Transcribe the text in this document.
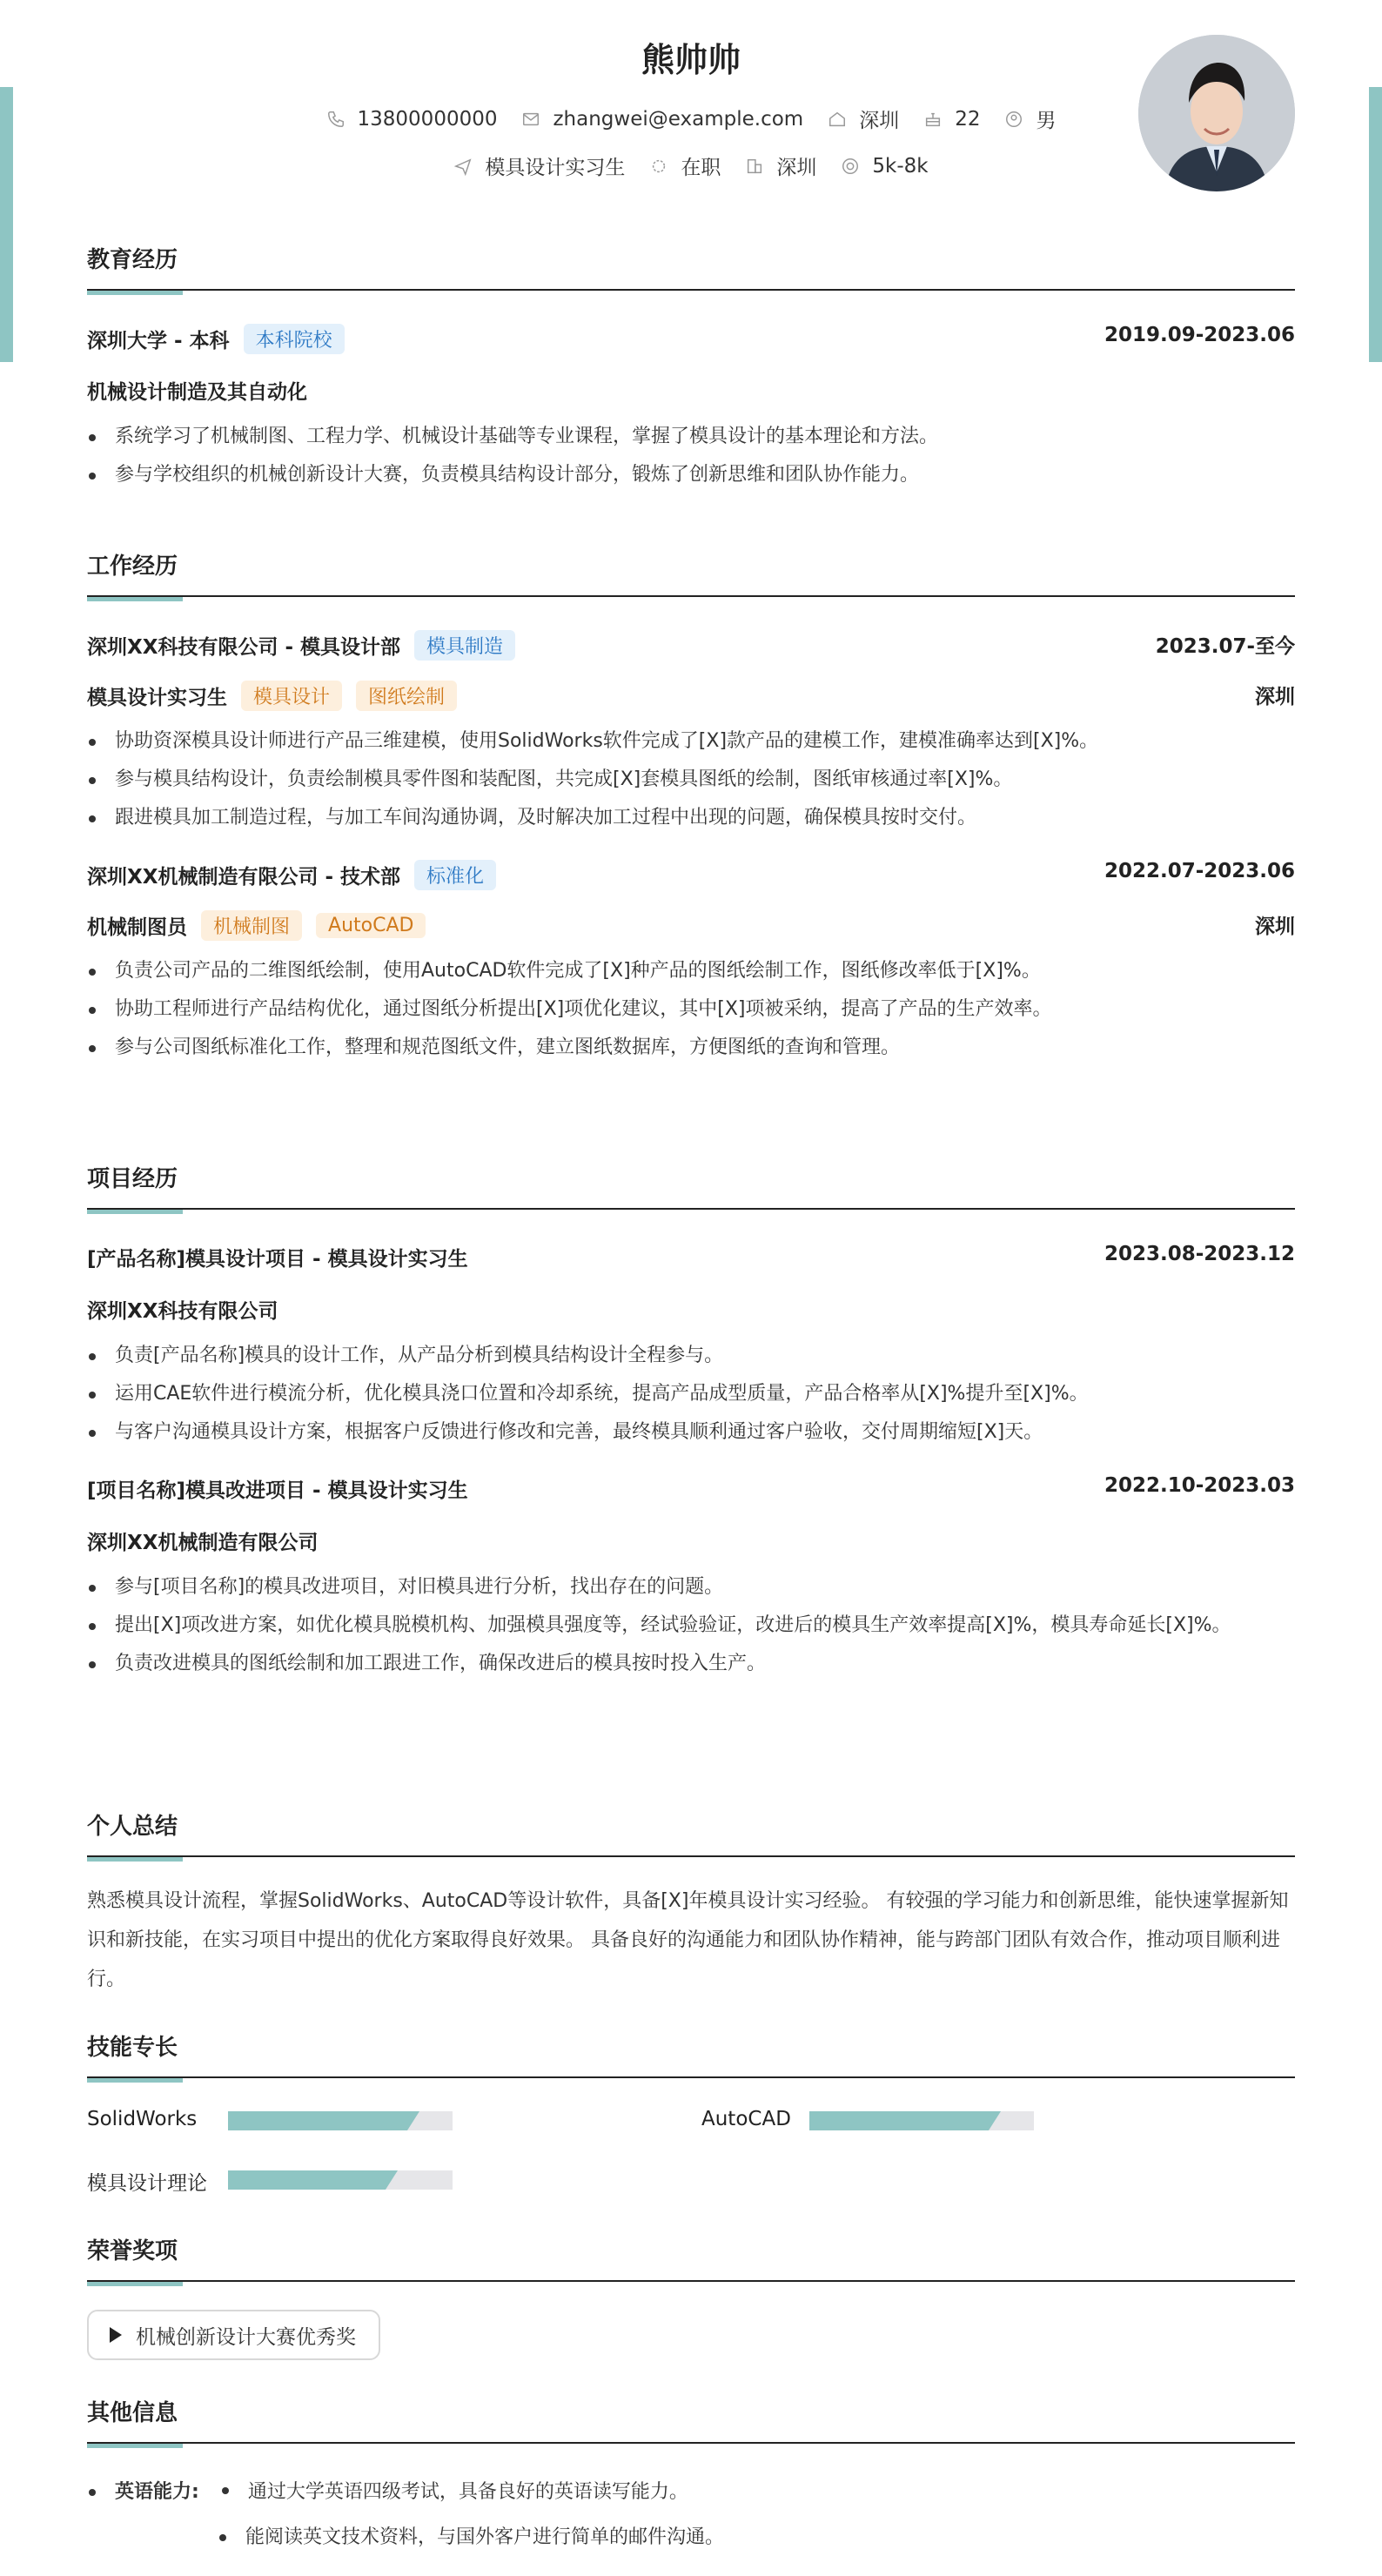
熊帅帅
13800000000	zhangwei@example.com	深圳	22	男
模具设计实习生	在职	深圳	5k-8k
教育经历
深圳大学 - 本科	本科院校	2019.09-2023.06
机械设计制造及其自动化
系统学习了机械制图、工程力学、机械设计基础等专业课程，掌握了模具设计的基本理论和方法。
参与学校组织的机械创新设计大赛，负责模具结构设计部分，锻炼了创新思维和团队协作能力。
工作经历
深圳XX科技有限公司 - 模具设计部	模具制造	2023.07-至今
模具设计实习生	模具设计	图纸绘制	深圳
协助资深模具设计师进行产品三维建模，使用SolidWorks软件完成了[X]款产品的建模工作，建模准确率达到[X]%。
参与模具结构设计，负责绘制模具零件图和装配图，共完成[X]套模具图纸的绘制，图纸审核通过率[X]%。
跟进模具加工制造过程，与加工车间沟通协调，及时解决加工过程中出现的问题，确保模具按时交付。
深圳XX机械制造有限公司 - 技术部	标准化	2022.07-2023.06
机械制图员	机械制图	AutoCAD	深圳
负责公司产品的二维图纸绘制，使用AutoCAD软件完成了[X]种产品的图纸绘制工作，图纸修改率低于[X]%。
协助工程师进行产品结构优化，通过图纸分析提出[X]项优化建议，其中[X]项被采纳，提高了产品的生产效率。
参与公司图纸标准化工作，整理和规范图纸文件，建立图纸数据库，方便图纸的查询和管理。
项目经历
[产品名称]模具设计项目 - 模具设计实习生	2023.08-2023.12
深圳XX科技有限公司
负责[产品名称]模具的设计工作，从产品分析到模具结构设计全程参与。
运用CAE软件进行模流分析，优化模具浇口位置和冷却系统，提高产品成型质量，产品合格率从[X]%提升至[X]%。
与客户沟通模具设计方案，根据客户反馈进行修改和完善，最终模具顺利通过客户验收，交付周期缩短[X]天。
[项目名称]模具改进项目 - 模具设计实习生	2022.10-2023.03
深圳XX机械制造有限公司
参与[项目名称]的模具改进项目，对旧模具进行分析，找出存在的问题。
提出[X]项改进方案，如优化模具脱模机构、加强模具强度等，经试验验证，改进后的模具生产效率提高[X]%，模具寿命延长[X]%。
负责改进模具的图纸绘制和加工跟进工作，确保改进后的模具按时投入生产。
个人总结
熟悉模具设计流程，掌握SolidWorks、AutoCAD等设计软件，具备[X]年模具设计实习经验。 有较强的学习能力和创新思维，能快速掌握新知识和新技能，在实习项目中提出的优化方案取得良好效果。 具备良好的沟通能力和团队协作精神，能与跨部门团队有效合作，推动项目顺利进行。
技能专长
SolidWorks	AutoCAD
模具设计理论
荣誉奖项
机械创新设计大赛优秀奖
其他信息
英语能力:	通过大学英语四级考试，具备良好的英语读写能力。
能阅读英文技术资料，与国外客户进行简单的邮件沟通。
